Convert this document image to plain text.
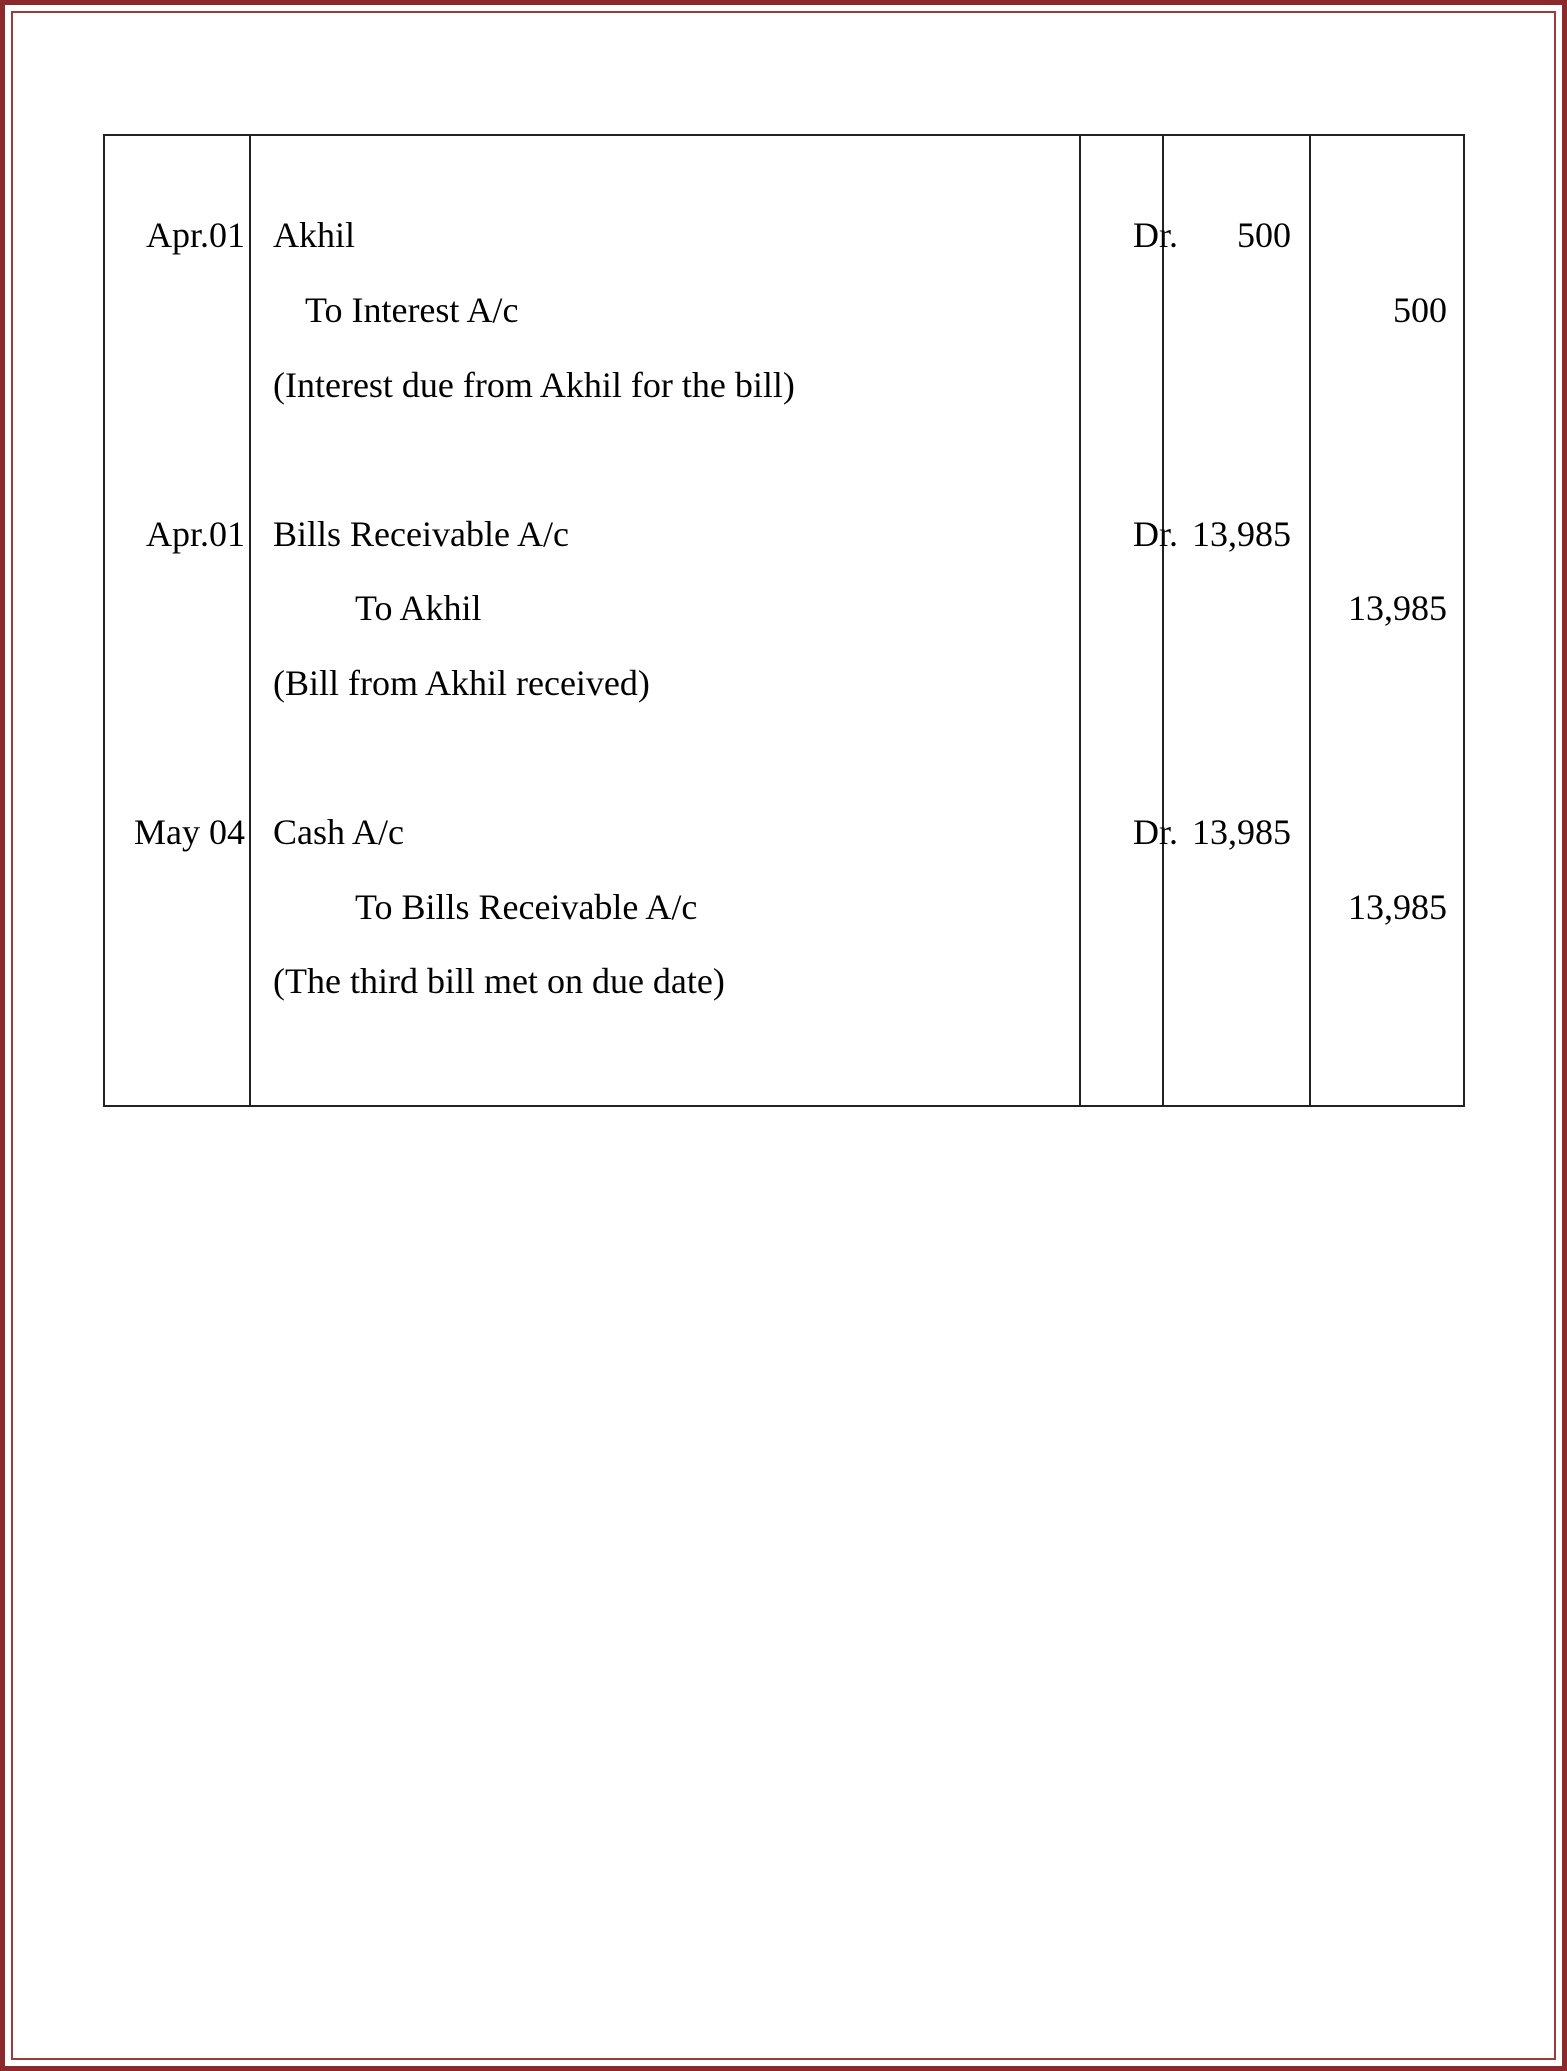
Apr.01 Akhil	Dr.	500
To Interest A/c	500
(Interest due from Akhil for the bill)
Apr.01 Bills Receivable A/c	Dr. 13,985
To Akhil	13,985
(Bill from Akhil received)
May 04 Cash A/c	Dr. 13,985
To Bills Receivable A/c	13,985
(The third bill met on due date)
